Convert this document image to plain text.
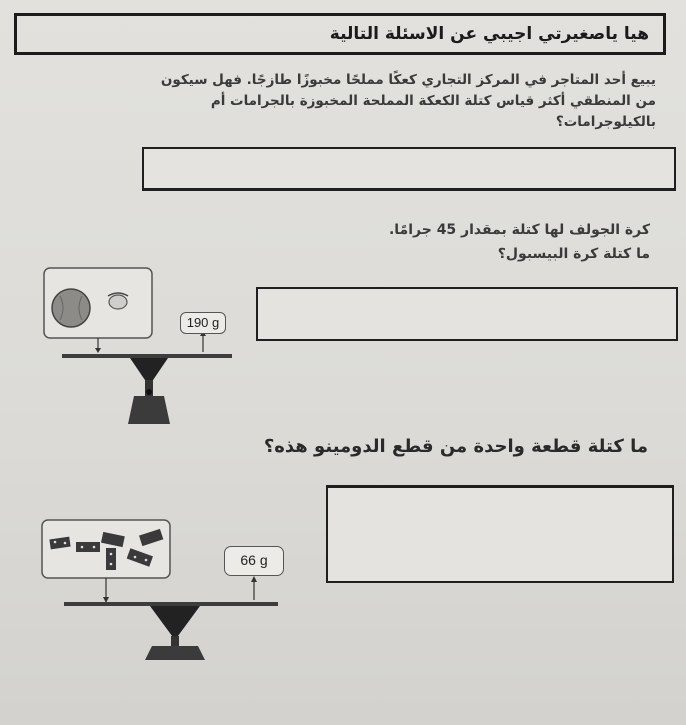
هيا ياصغيرتي اجيبي عن الاسئلة التالية
يبيع أحد المتاجر في المركز التجاري كعكًا مملحًا مخبوزًا طازجًا. فهل سيكون من المنطقي أكثر قياس كتلة الكعكة المملحة المخبوزة بالجرامات أم بالكيلوجرامات؟
كرة الجولف لها كتلة بمقدار 45 جرامًا.
ما كتلة كرة البيسبول؟
190 g
ما كتلة قطعة واحدة من قطع الدومينو هذه؟
66 g
